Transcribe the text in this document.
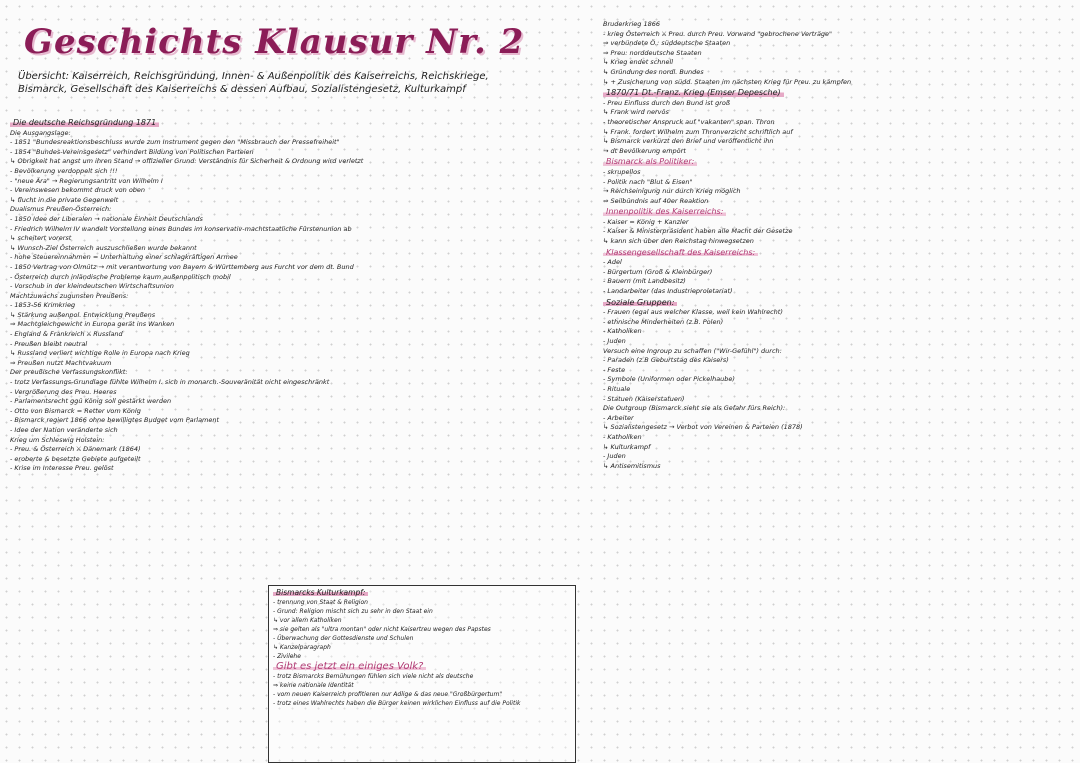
Geschichts Klausur Nr. 2
Übersicht: Kaiserreich, Reichsgründung, Innen- & Außenpolitik des Kaiserreichs, Reichskriege,
Bismarck, Gesellschaft des Kaiserreichs & dessen Aufbau, Sozialistengesetz, Kulturkampf
Die deutsche Reichsgründung 1871
Die Ausgangslage:
- 1851 "Bundesreaktionsbeschluss wurde zum Instrument gegen den "Missbrauch der Pressefreiheit"
- 1854 "Bundes-Vereinsgesetz" verhindert Bildung von Politischen Parteien
↳ Obrigkeit hat angst um ihren Stand → offizieller Grund: Verständnis für Sicherheit & Ordnung wird verletzt
- Bevölkerung verdoppelt sich !!!
- "neue Ära" → Regierungsantritt von Wilhelm I
- Vereinswesen bekommt druck von oben
↳ flucht in die private Gegenwelt
Dualismus Preußen-Österreich:
- 1850 Idee der Liberalen → nationale Einheit Deutschlands
- Friedrich Wilhelm IV wandelt Vorstellung eines Bundes im konservativ-machtstaatliche Fürstenunion ab
↳ scheitert vorerst
↳ Wunsch-Ziel Österreich auszuschließen wurde bekannt
- hohe Steuereinnahmen = Unterhaltung einer schlagkräftigen Armee
- 1850 Vertrag von Olmütz → mit verantwortung von Bayern & Württemberg aus Furcht vor dem dt. Bund
- Österreich durch inländische Probleme kaum außenpolitisch mobil
- Vorschub in der kleindeutschen Wirtschaftsunion
Machtzuwachs zugunsten Preußens:
- 1853-56 Krimkrieg
↳ Stärkung außenpol. Entwicklung Preußens
⇒ Machtgleichgewicht in Europa gerät ins Wanken
- England & Frankreich ⚔ Russland
- Preußen bleibt neutral
↳ Russland verliert wichtige Rolle in Europa nach Krieg
⇒ Preußen nutzt Machtvakuum
Der preußische Verfassungskonflikt:
- trotz Verfassungs-Grundlage fühlte Wilhelm I. sich in monarch.-Souveränität nicht eingeschränkt
- Vergrößerung des Preu. Heeres
- Parlamentsrecht ggü König soll gestärkt werden
- Otto von Bismarck = Retter vom König
- Bismarck regiert 1866 ohne bewilligtes Budget vom Parlament
- Idee der Nation veränderte sich
Krieg um Schleswig Holstein:
- Preu. & Österreich ⚔ Dänemark (1864)
- eroberte & besetzte Gebiete aufgeteilt
- Krise im Interesse Preu. gelöst
Bismarcks Kulturkampf:
- trennung von Staat & Religion
- Grund: Religion mischt sich zu sehr in den Staat ein
↳ vor allem Katholiken
⇒ sie gelten als "ultra montan" oder nicht Kaisertreu wegen des Papstes
- Überwachung der Gottesdienste und Schulen
↳ Kanzelparagraph
- Zivilehe
Gibt es jetzt ein einiges Volk?
- trotz Bismarcks Bemühungen fühlen sich viele nicht als deutsche
⇒ keine nationale Identität
- vom neuen Kaiserreich profitieren nur Adlige & das neue "Großbürgertum"
- trotz eines Wahlrechts haben die Bürger keinen wirklichen Einfluss auf die Politik
Bruderkrieg 1866
- krieg Österreich ⚔ Preu. durch Preu. Vorwand "gebrochene Verträge"
⇒ verbündete Ö.: süddeutsche Staaten
⇒ Preu: norddeutsche Staaten
↳ Krieg endet schnell
↳ Gründung des nordl. Bundes
↳ + Zusicherung von südd. Staaten im nächsten Krieg für Preu. zu kämpfen
1870/71 Dt.-Franz. Krieg (Emser Depesche)
- Preu Einfluss durch den Bund ist groß
↳ Frank wird nervös
- theoretischer Anspruck auf "vakanten" span. Thron
↳ Frank. fordert Wilhelm zum Thronverzicht schriftlich auf
↳ Bismarck verkürzt den Brief und veröffentlicht ihn
→ dt Bevölkerung empört
Bismarck als Politiker:
- skrupellos
- Politik nach "Blut & Eisen"
→ Reichseinigung nur durch Krieg möglich
⇒ Seilbündnis auf 40er Reaktion
Innenpolitik des Kaiserreichs:
- Kaiser = König + Kanzler
- Kaiser & Ministerpräsident haben alle Macht der Gesetze
↳ kann sich über den Reichstag hinwegsetzen
Klassengesellschaft des Kaiserreichs:
- Adel
- Bürgertum (Groß & Kleinbürger)
- Bauern (mit Landbesitz)
- Landarbeiter (das Industrieproletariat)
Soziale Gruppen:
- Frauen (egal aus welcher Klasse, weil kein Wahlrecht)
- ethnische Minderheiten (z.B. Polen)
- Katholiken
- Juden
Versuch eine Ingroup zu schaffen ("Wir-Gefühl") durch:
- Paraden (z.B Geburtstag des Kaisers)
- Feste
- Symbole (Uniformen oder Pickelhaube)
- Rituale
- Statuen (Kaiserstatuen)
Die Outgroup (Bismarck sieht sie als Gefahr fürs Reich):
- Arbeiter
↳ Sozialistengesetz → Verbot von Vereinen & Parteien (1878)
- Katholiken
↳ Kulturkampf
- Juden
↳ Antisemitismus
